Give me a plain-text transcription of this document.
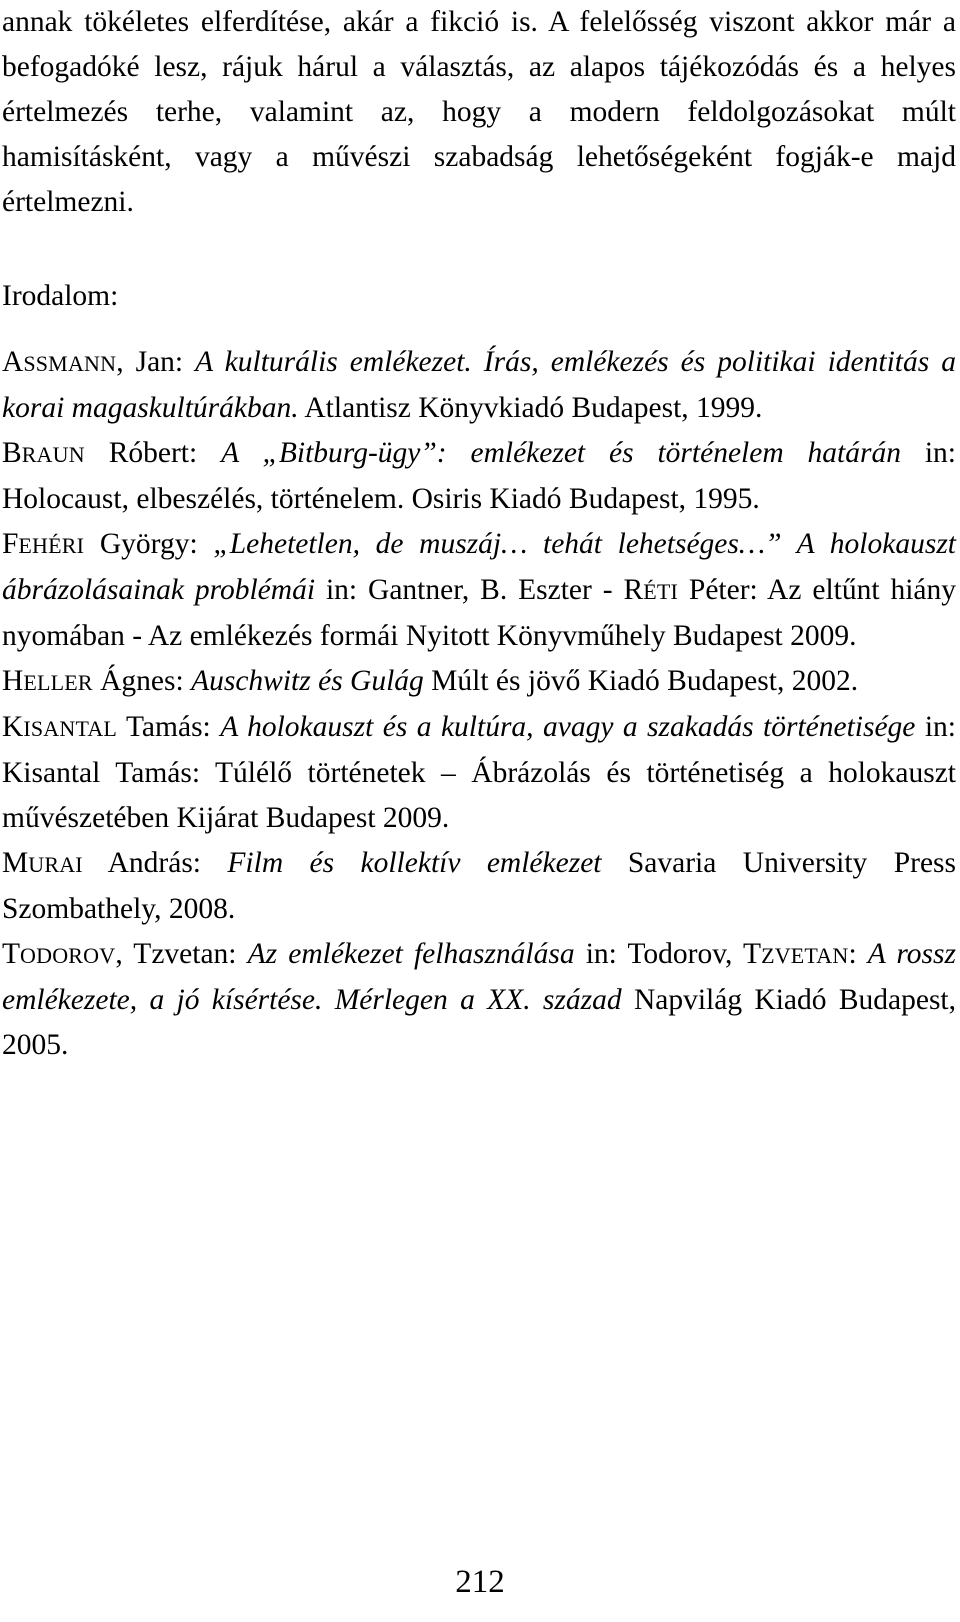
annak tökéletes elferdítése, akár a fikció is. A felelősség viszont akkor már a befogadóké lesz, rájuk hárul a választás, az alapos tájékozódás és a helyes értelmezés terhe, valamint az, hogy a modern feldolgozásokat múlt hamisításként, vagy a művészi szabadság lehetőségeként fogják-e majd értelmezni.

Irodalom:

ASSMANN, Jan: A kulturális emlékezet. Írás, emlékezés és politikai identitás a korai magaskultúrákban. Atlantisz Könyvkiadó Budapest, 1999.

BRAUN Róbert: A „Bitburg-ügy”: emlékezet és történelem határán in: Holocaust, elbeszélés, történelem. Osiris Kiadó Budapest, 1995.

FEHÉRI György: „Lehetetlen, de muszáj… tehát lehetséges…” A holokauszt ábrázolásainak problémái in: Gantner, B. Eszter - RÉTI Péter: Az eltűnt hiány nyomában - Az emlékezés formái Nyitott Könyvműhely Budapest 2009.

HELLER Ágnes: Auschwitz és Gulág Múlt és jövő Kiadó Budapest, 2002.

KISANTAL Tamás: A holokauszt és a kultúra, avagy a szakadás történetisége in: Kisantal Tamás: Túlélő történetek – Ábrázolás és történetiség a holokauszt művészetében Kijárat Budapest 2009.

MURAI András: Film és kollektív emlékezet Savaria University Press Szombathely, 2008.

TODOROV, Tzvetan: Az emlékezet felhasználása in: Todorov, TZVETAN: A rossz emlékezete, a jó kísértése. Mérlegen a XX. század Napvilág Kiadó Budapest, 2005.

212
